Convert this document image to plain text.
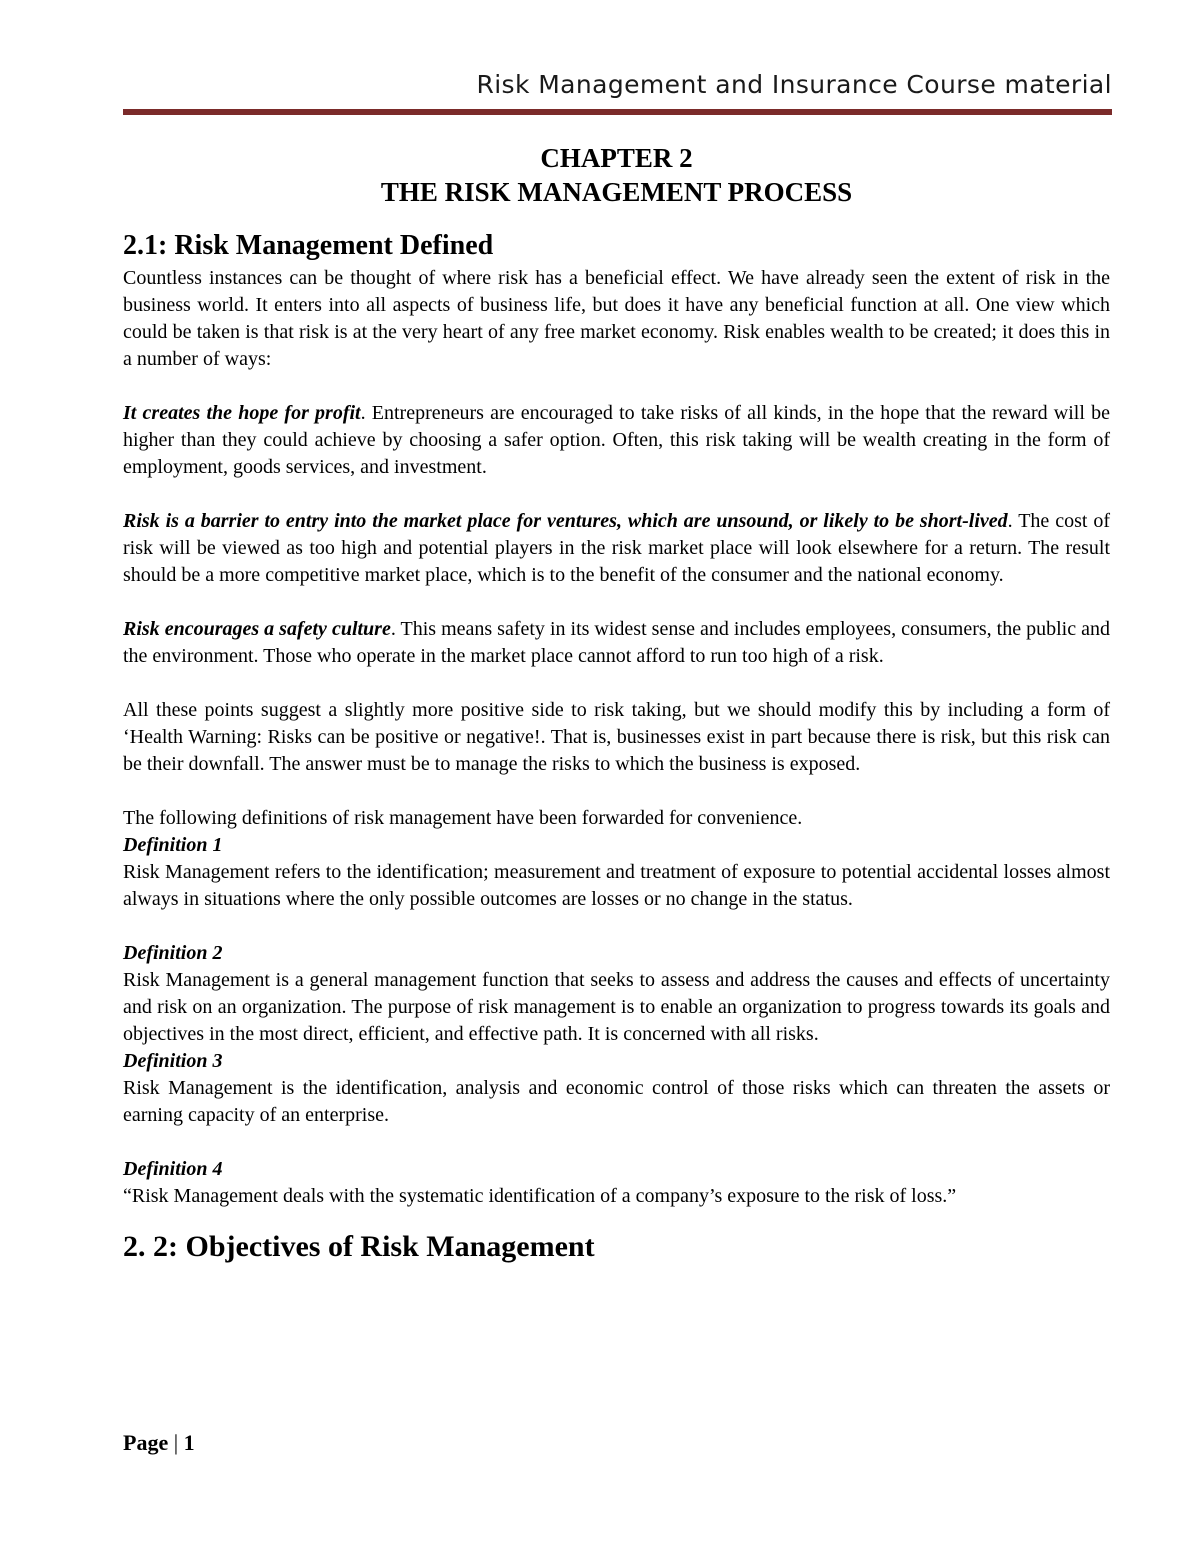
Risk Management and Insurance Course material

CHAPTER 2

THE RISK MANAGEMENT PROCESS

2.1: Risk Management Defined

Countless instances can be thought of where risk has a beneficial effect. We have already seen the extent of risk in the business world. It enters into all aspects of business life, but does it have any beneficial function at all. One view which could be taken is that risk is at the very heart of any free market economy. Risk enables wealth to be created; it does this in a number of ways:

It creates the hope for profit. Entrepreneurs are encouraged to take risks of all kinds, in the hope that the reward will be higher than they could achieve by choosing a safer option. Often, this risk taking will be wealth creating in the form of employment, goods services, and investment.

Risk is a barrier to entry into the market place for ventures, which are unsound, or likely to be short-lived. The cost of risk will be viewed as too high and potential players in the risk market place will look elsewhere for a return. The result should be a more competitive market place, which is to the benefit of the consumer and the national economy.

Risk encourages a safety culture. This means safety in its widest sense and includes employees, consumers, the public and the environment. Those who operate in the market place cannot afford to run too high of a risk.

All these points suggest a slightly more positive side to risk taking, but we should modify this by including a form of ‘Health Warning: Risks can be positive or negative!. That is, businesses exist in part because there is risk, but this risk can be their downfall. The answer must be to manage the risks to which the business is exposed.

The following definitions of risk management have been forwarded for convenience.

Definition 1

Risk Management refers to the identification; measurement and treatment of exposure to potential accidental losses almost always in situations where the only possible outcomes are losses or no change in the status.

Definition 2

Risk Management is a general management function that seeks to assess and address the causes and effects of uncertainty and risk on an organization. The purpose of risk management is to enable an organization to progress towards its goals and objectives in the most direct, efficient, and effective path. It is concerned with all risks.

Definition 3

Risk Management is the identification, analysis and economic control of those risks which can threaten the assets or earning capacity of an enterprise.

Definition 4

“Risk Management deals with the systematic identification of a company’s exposure to the risk of loss.”

2. 2: Objectives of Risk Management
Page | 1
